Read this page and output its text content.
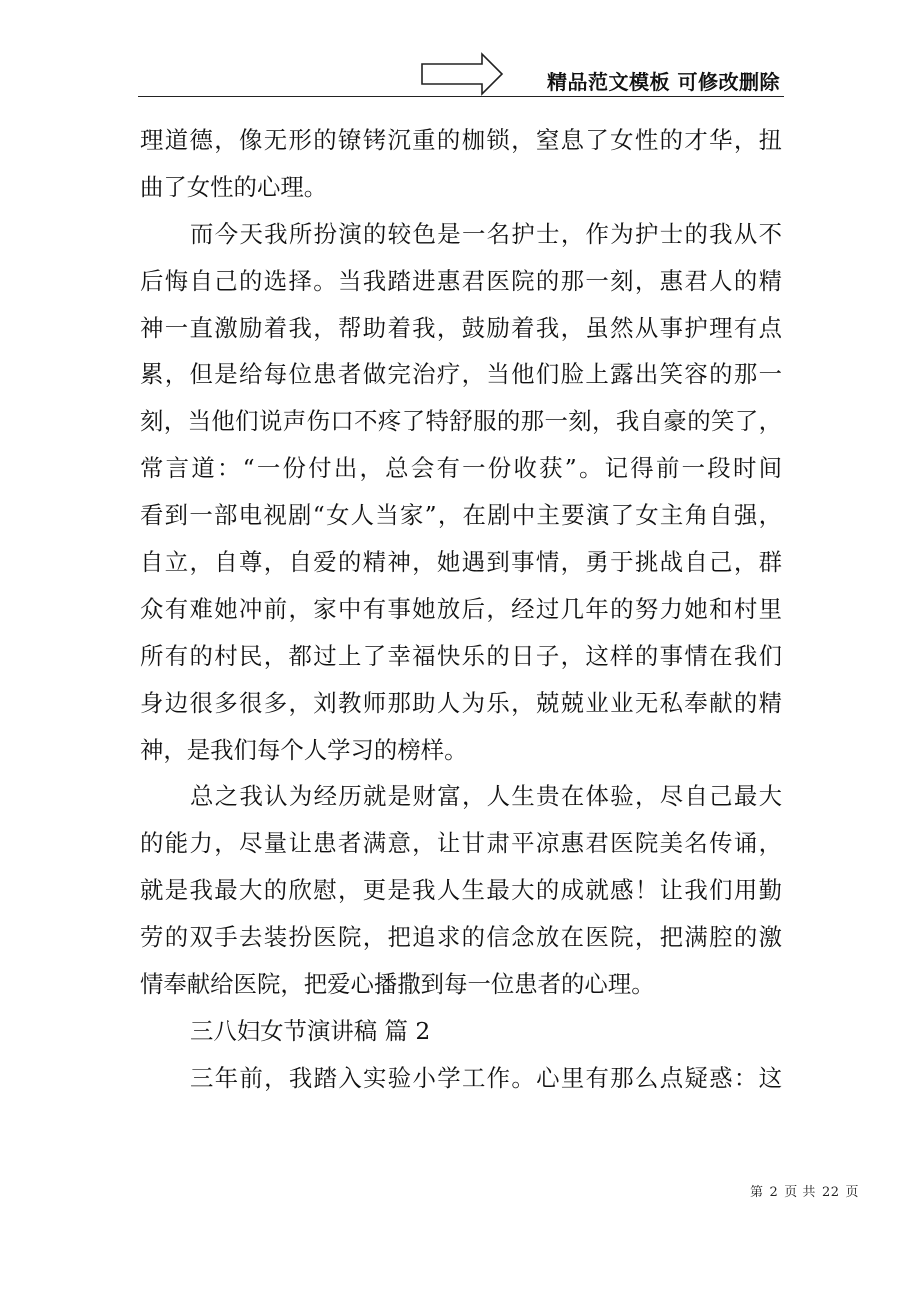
精品范文模板 可修改删除
理道德，像无形的镣铐沉重的枷锁，窒息了女性的才华，扭
曲了女性的心理。
而今天我所扮演的较色是一名护士，作为护士的我从不
后悔自己的选择。当我踏进惠君医院的那一刻，惠君人的精
神一直激励着我，帮助着我，鼓励着我，虽然从事护理有点
累，但是给每位患者做完治疗，当他们脸上露出笑容的那一
刻，当他们说声伤口不疼了特舒服的那一刻，我自豪的笑了，
常言道：“一份付出，总会有一份收获”。记得前一段时间
看到一部电视剧“女人当家”，在剧中主要演了女主角自强，
自立，自尊，自爱的精神，她遇到事情，勇于挑战自己，群
众有难她冲前，家中有事她放后，经过几年的努力她和村里
所有的村民，都过上了幸福快乐的日子，这样的事情在我们
身边很多很多，刘教师那助人为乐，兢兢业业无私奉献的精
神，是我们每个人学习的榜样。
总之我认为经历就是财富，人生贵在体验，尽自己最大
的能力，尽量让患者满意，让甘肃平凉惠君医院美名传诵，
就是我最大的欣慰，更是我人生最大的成就感！让我们用勤
劳的双手去装扮医院，把追求的信念放在医院，把满腔的激
情奉献给医院，把爱心播撒到每一位患者的心理。
三八妇女节演讲稿 篇 2
三年前，我踏入实验小学工作。心里有那么点疑惑：这
第 2 页 共 22 页
